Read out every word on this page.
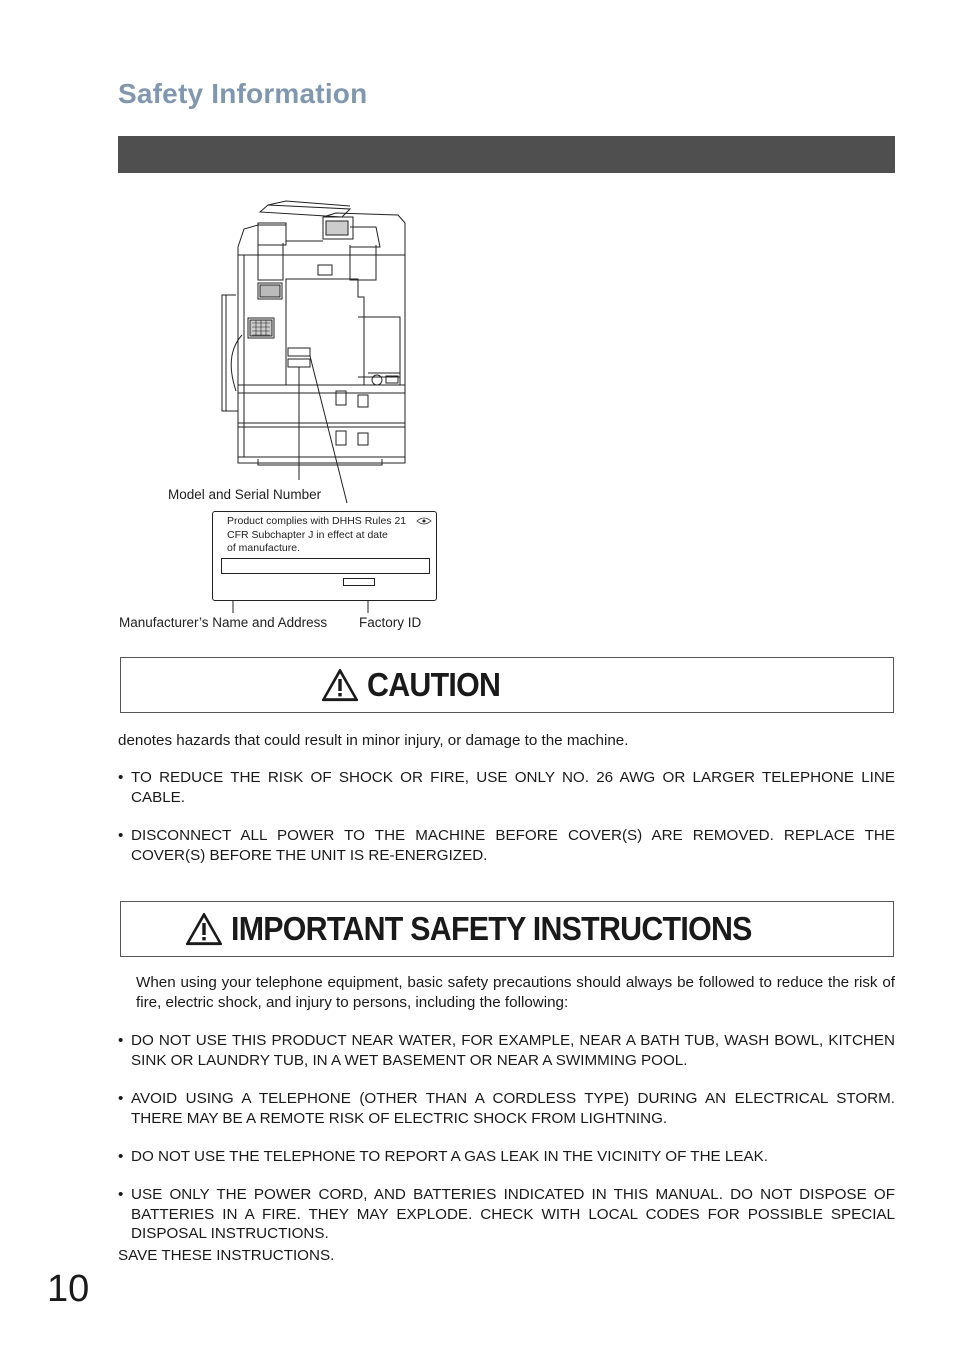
Safety Information
Model and Serial Number
Product complies with DHHS Rules 21
CFR Subchapter J in effect at date
of manufacture.
Manufacturer’s Name and Address Factory ID
CAUTION
denotes hazards that could result in minor injury, or damage to the machine.
• TO REDUCE THE RISK OF SHOCK OR FIRE, USE ONLY NO. 26 AWG OR LARGER TELEPHONE LINE CABLE.
• DISCONNECT ALL POWER TO THE MACHINE BEFORE COVER(S) ARE REMOVED. REPLACE THE COVER(S) BEFORE THE UNIT IS RE-ENERGIZED.
IMPORTANT SAFETY INSTRUCTIONS
When using your telephone equipment, basic safety precautions should always be followed to reduce the risk of fire, electric shock, and injury to persons, including the following:
• DO NOT USE THIS PRODUCT NEAR WATER, FOR EXAMPLE, NEAR A BATH TUB, WASH BOWL, KITCHEN SINK OR LAUNDRY TUB, IN A WET BASEMENT OR NEAR A SWIMMING POOL.
• AVOID USING A TELEPHONE (OTHER THAN A CORDLESS TYPE) DURING AN ELECTRICAL STORM. THERE MAY BE A REMOTE RISK OF ELECTRIC SHOCK FROM LIGHTNING.
• DO NOT USE THE TELEPHONE TO REPORT A GAS LEAK IN THE VICINITY OF THE LEAK.
• USE ONLY THE POWER CORD, AND BATTERIES INDICATED IN THIS MANUAL. DO NOT DISPOSE OF BATTERIES IN A FIRE. THEY MAY EXPLODE. CHECK WITH LOCAL CODES FOR POSSIBLE SPECIAL DISPOSAL INSTRUCTIONS.
SAVE THESE INSTRUCTIONS.
10
